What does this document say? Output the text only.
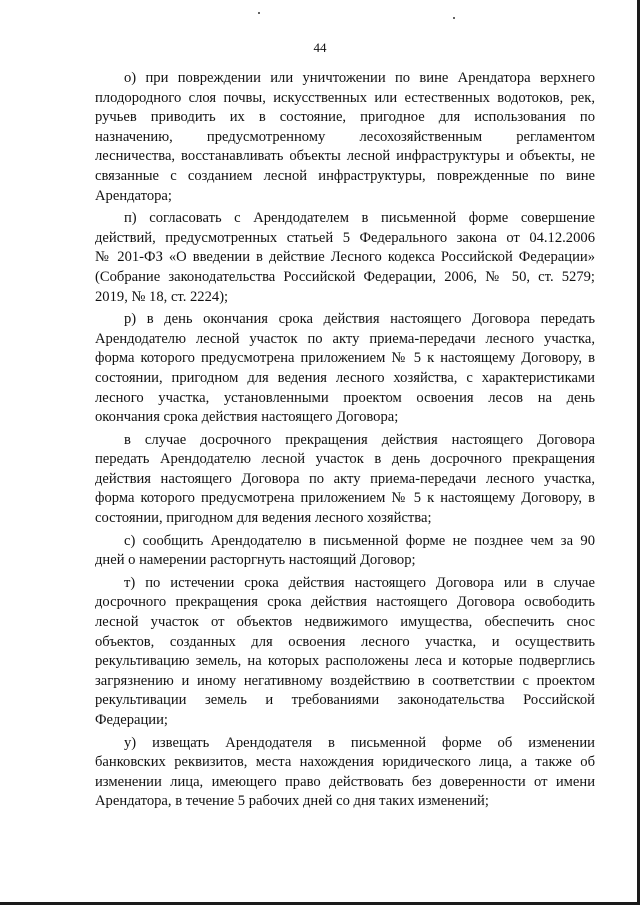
44
о) при повреждении или уничтожении по вине Арендатора верхнего
плодородного слоя почвы, искусственных или естественных водотоков, рек,
ручьев приводить их в состояние, пригодное для использования по
назначению, предусмотренному лесохозяйственным регламентом
лесничества, восстанавливать объекты лесной инфраструктуры и объекты, не
связанные с созданием лесной инфраструктуры, поврежденные по вине
Арендатора;
п) согласовать с Арендодателем в письменной форме совершение
действий, предусмотренных статьей 5 Федерального закона от 04.12.2006
№ 201-ФЗ «О введении в действие Лесного кодекса Российской Федерации»
(Собрание законодательства Российской Федерации, 2006, № 50, ст. 5279;
2019, № 18, ст. 2224);
р) в день окончания срока действия настоящего Договора передать
Арендодателю лесной участок по акту приема-передачи лесного участка,
форма которого предусмотрена приложением № 5 к настоящему Договору, в
состоянии, пригодном для ведения лесного хозяйства, с характеристиками
лесного участка, установленными проектом освоения лесов на день
окончания срока действия настоящего Договора;
в случае досрочного прекращения действия настоящего Договора
передать Арендодателю лесной участок в день досрочного прекращения
действия настоящего Договора по акту приема-передачи лесного участка,
форма которого предусмотрена приложением № 5 к настоящему Договору, в
состоянии, пригодном для ведения лесного хозяйства;
с) сообщить Арендодателю в письменной форме не позднее чем за 90
дней о намерении расторгнуть настоящий Договор;
т) по истечении срока действия настоящего Договора или в случае
досрочного прекращения срока действия настоящего Договора освободить
лесной участок от объектов недвижимого имущества, обеспечить снос
объектов, созданных для освоения лесного участка, и осуществить
рекультивацию земель, на которых расположены леса и которые подверглись
загрязнению и иному негативному воздействию в соответствии с проектом
рекультивации земель и требованиями законодательства Российской
Федерации;
у) извещать Арендодателя в письменной форме об изменении
банковских реквизитов, места нахождения юридического лица, а также об
изменении лица, имеющего право действовать без доверенности от имени
Арендатора, в течение 5 рабочих дней со дня таких изменений;
